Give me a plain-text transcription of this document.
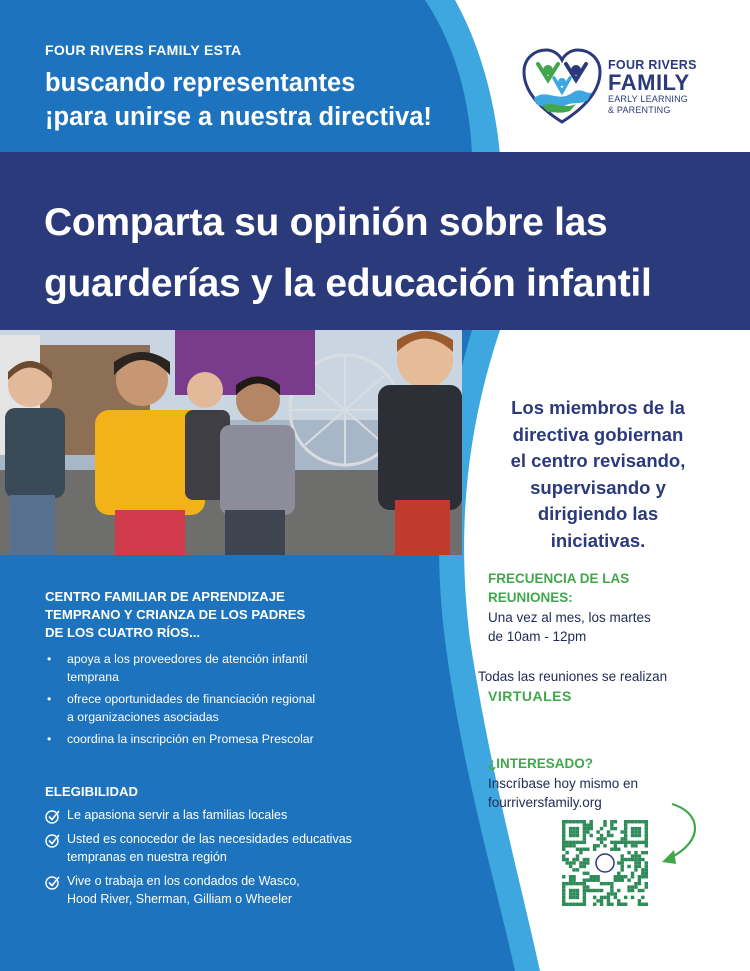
FOUR RIVERS FAMILY ESTA
buscando representantes
¡para unirse a nuestra directiva!
FOUR RIVERS
FAMILY
EARLY LEARNING
& PARENTING
Comparta su opinión sobre las
guarderías y la educación infantil
CENTRO FAMILIAR DE APRENDIZAJE
TEMPRANO Y CRIANZA DE LOS PADRES
DE LOS CUATRO RÍOS...
• apoya a los proveedores de atención infantil
temprana
• ofrece oportunidades de financiación regional
a organizaciones asociadas
• coordina la inscripción en Promesa Prescolar
ELEGIBILIDAD
Le apasiona servir a las familias locales
Usted es conocedor de las necesidades educativas
tempranas en nuestra región
Vive o trabaja en los condados de Wasco,
Hood River, Sherman, Gilliam o Wheeler
Los miembros de la
directiva gobiernan
el centro revisando,
supervisando y
dirigiendo las
iniciativas.
FRECUENCIA DE LAS
REUNIONES:
Una vez al mes, los martes
de 10am - 12pm
Todas las reuniones se realizan
VIRTUALES
¿INTERESADO?
Inscríbase hoy mismo en
fourriversfamily.org
